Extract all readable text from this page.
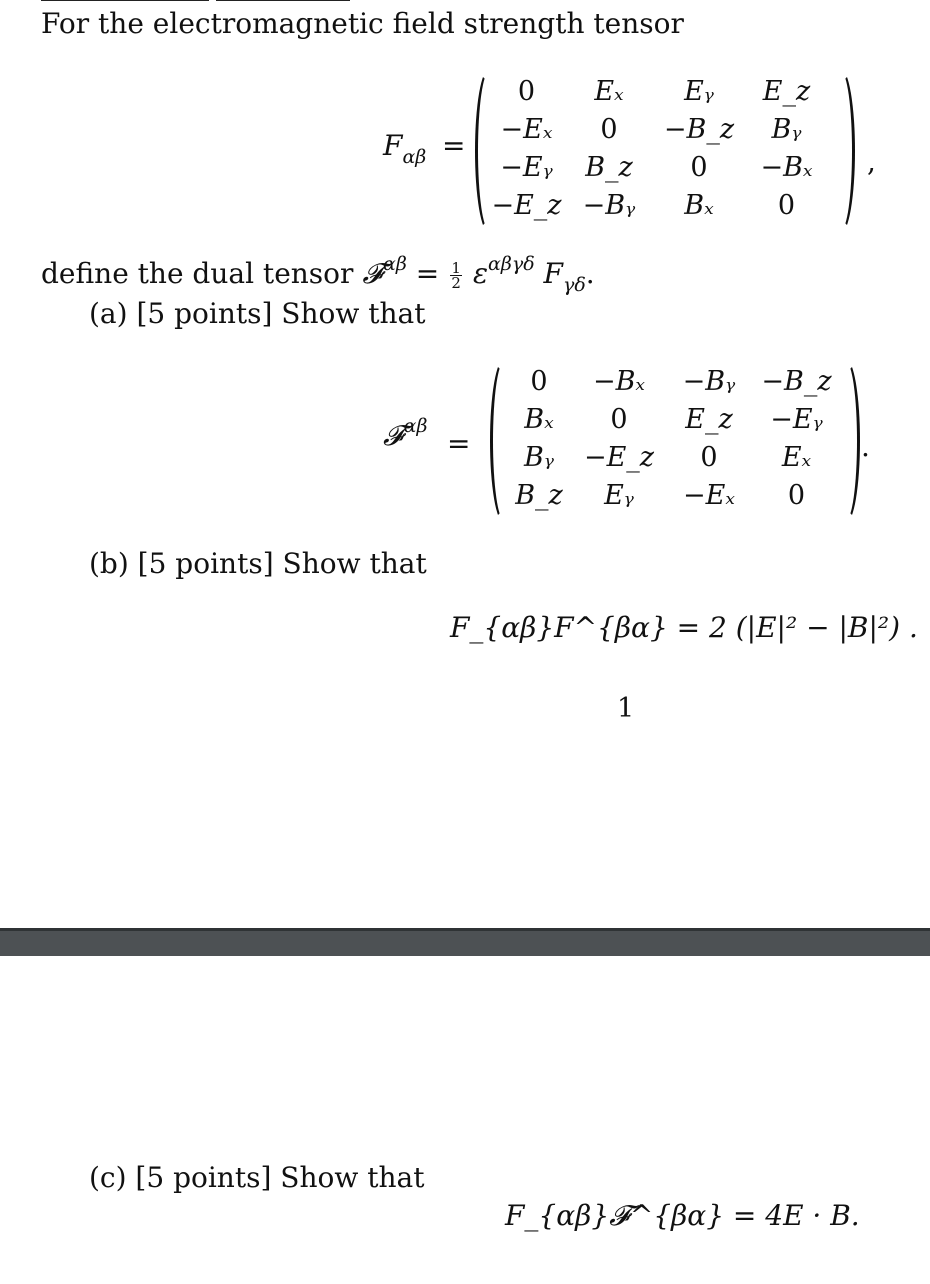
For the electromagnetic field strength tensor
$F_{\alpha\beta}$ =
0	Eₓ	Eᵧ	E_z
−Eₓ	0	−B_z	Bᵧ
−Eᵧ	B_z	0	−Bₓ
−E_z	−Bᵧ	Bₓ	0
,
define the dual tensor 𝓕$^{\alpha\beta}$ = $\frac{1}{2} \varepsilon^{\alpha\beta\gamma\delta}$ $F_{\gamma\delta}$.
(a) [5 points] Show that
𝓕$^{\alpha\beta}$
=
0	−Bₓ	−Bᵧ	−B_z
Bₓ	0	E_z	−Eᵧ
Bᵧ	−E_z	0	Eₓ
B_z	Eᵧ	−Eₓ	0
.
(b) [5 points] Show that
F_{αβ}F^{βα} = 2 (|E|² − |B|²) .
1
(c) [5 points] Show that
F_{αβ}𝓕^{βα} = 4E · B.
